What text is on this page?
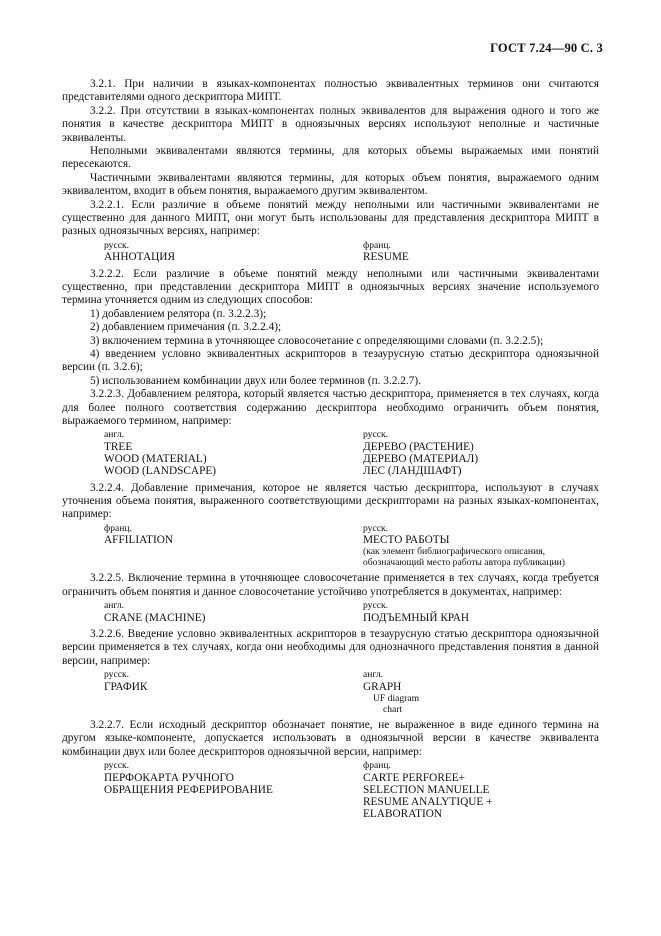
ГОСТ 7.24—90 С. 3

3.2.1. При наличии в языках-компонентах полностью эквивалентных терминов они считаются представителями одного дескриптора МИПТ.

3.2.2. При отсутствии в языках-компонентах полных эквивалентов для выражения одного и того же понятия в качестве дескриптора МИПТ в одноязычных версиях используют неполные и частичные эквиваленты.

Неполными эквивалентами являются термины, для которых объемы выражаемых ими понятий пересекаются.

Частичными эквивалентами являются термины, для которых объем понятия, выражаемого одним эквивалентом, входит в объем понятия, выражаемого другим эквивалентом.

3.2.2.1. Если различие в объеме понятий между неполными или частичными эквивалентами не существенно для данного МИПТ, они могут быть использованы для представления дескриптора МИПТ в разных одноязычных версиях, например:

русск.
АННОТАЦИЯ
франц.
RESUME

3.2.2.2. Если различие в объеме понятий между неполными или частичными эквивалентами существенно, при представлении дескриптора МИПТ в одноязычных версиях значение используемого термина уточняется одним из следующих способов:

1) добавлением релятора (п. 3.2.2.3);

2) добавлением примечания (п. 3.2.2.4);

3) включением термина в уточняющее словосочетание с определяющими словами (п. 3.2.2.5);

4) введением условно эквивалентных аскрипторов в тезаурусную статью дескриптора одноязычной версии (п. 3.2.6);

5) использованием комбинации двух или более терминов (п. 3.2.2.7).

3.2.2.3. Добавлением релятора, который является частью дескриптора, применяется в тех случаях, когда для более полного соответствия содержанию дескриптора необходимо ограничить объем понятия, выражаемого термином, например:

англ.
TREE
WOOD (MATERIAL)
WOOD (LANDSCAPE)
русск.
ДЕРЕВО (РАСТЕНИЕ)
ДЕРЕВО (МАТЕРИАЛ)
ЛЕС (ЛАНДШАФТ)

3.2.2.4. Добавление примечания, которое не является частью дескриптора, используют в случаях уточнения объема понятия, выраженного соответствующими дескрипторами на разных языках-компонентах, например:

франц.
AFFILIATION
русск.
МЕСТО РАБОТЫ
(как элемент библиографического описания,
обозначающий место работы автора публикации)

3.2.2.5. Включение термина в уточняющее словосочетание применяется в тех случаях, когда требуется ограничить объем понятия и данное словосочетание устойчиво употребляется в документах, например:

англ.
CRANE (MACHINE)
русск.
ПОДЪЕМНЫЙ КРАН

3.2.2.6. Введение условно эквивалентных аскрипторов в тезаурусную статью дескриптора одноязычной версии применяется в тех случаях, когда они необходимы для однозначного представления понятия в данной версии, например:

русск.
ГРАФИК
англ.
GRAPH
UF diagram
chart

3.2.2.7. Если исходный дескриптор обозначает понятие, не выраженное в виде единого термина на другом языке-компоненте, допускается использовать в одноязычной версии в качестве эквивалента комбинации двух или более дескрипторов одноязычной версии, например:

русск.
ПЕРФОКАРТА РУЧНОГО
ОБРАЩЕНИЯ РЕФЕРИРОВАНИЕ
франц.
CARTE PERFOREE+
SELECTION MANUELLE
RESUME ANALYTIQUE +
ELABORATION
